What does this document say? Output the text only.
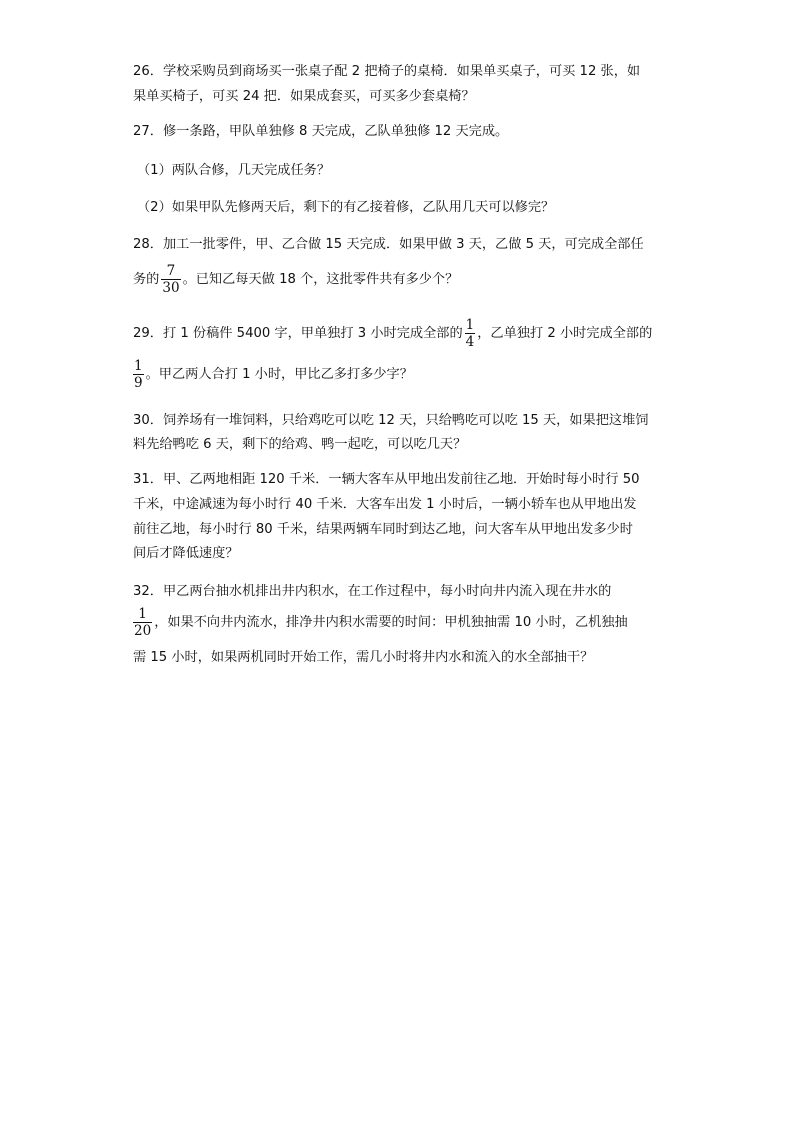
26．学校采购员到商场买一张桌子配 2 把椅子的桌椅．如果单买桌子，可买 12 张，如
果单买椅子，可买 24 把．如果成套买，可买多少套桌椅？
27．修一条路，甲队单独修 8 天完成，乙队单独修 12 天完成。
（1）两队合修，几天完成任务？
（2）如果甲队先修两天后，剩下的有乙接着修，乙队用几天可以修完？
28．加工一批零件，甲、乙合做 15 天完成．如果甲做 3 天，乙做 5 天，可完成全部任
务的 $\frac{7}{30}$ 。已知乙每天做 18 个，这批零件共有多少个？
29．打 1 份稿件 5400 字，甲单独打 3 小时完成全部的 $\frac{1}{4}$ ，乙单独打 2 小时完成全部的
$\frac{1}{9}$ 。甲乙两人合打 1 小时，甲比乙多打多少字？
30．饲养场有一堆饲料，只给鸡吃可以吃 12 天，只给鸭吃可以吃 15 天，如果把这堆饲
料先给鸭吃 6 天，剩下的给鸡、鸭一起吃，可以吃几天？
31．甲、乙两地相距 120 千米．一辆大客车从甲地出发前往乙地．开始时每小时行 50
千米，中途减速为每小时行 40 千米．大客车出发 1 小时后，一辆小轿车也从甲地出发
前往乙地，每小时行 80 千米，结果两辆车同时到达乙地，问大客车从甲地出发多少时
间后才降低速度？
32．甲乙两台抽水机排出井内积水，在工作过程中，每小时向井内流入现在井水的
$\frac{1}{20}$ ，如果不向井内流水，排净井内积水需要的时间：甲机独抽需 10 小时，乙机独抽
需 15 小时，如果两机同时开始工作，需几小时将井内水和流入的水全部抽干？
